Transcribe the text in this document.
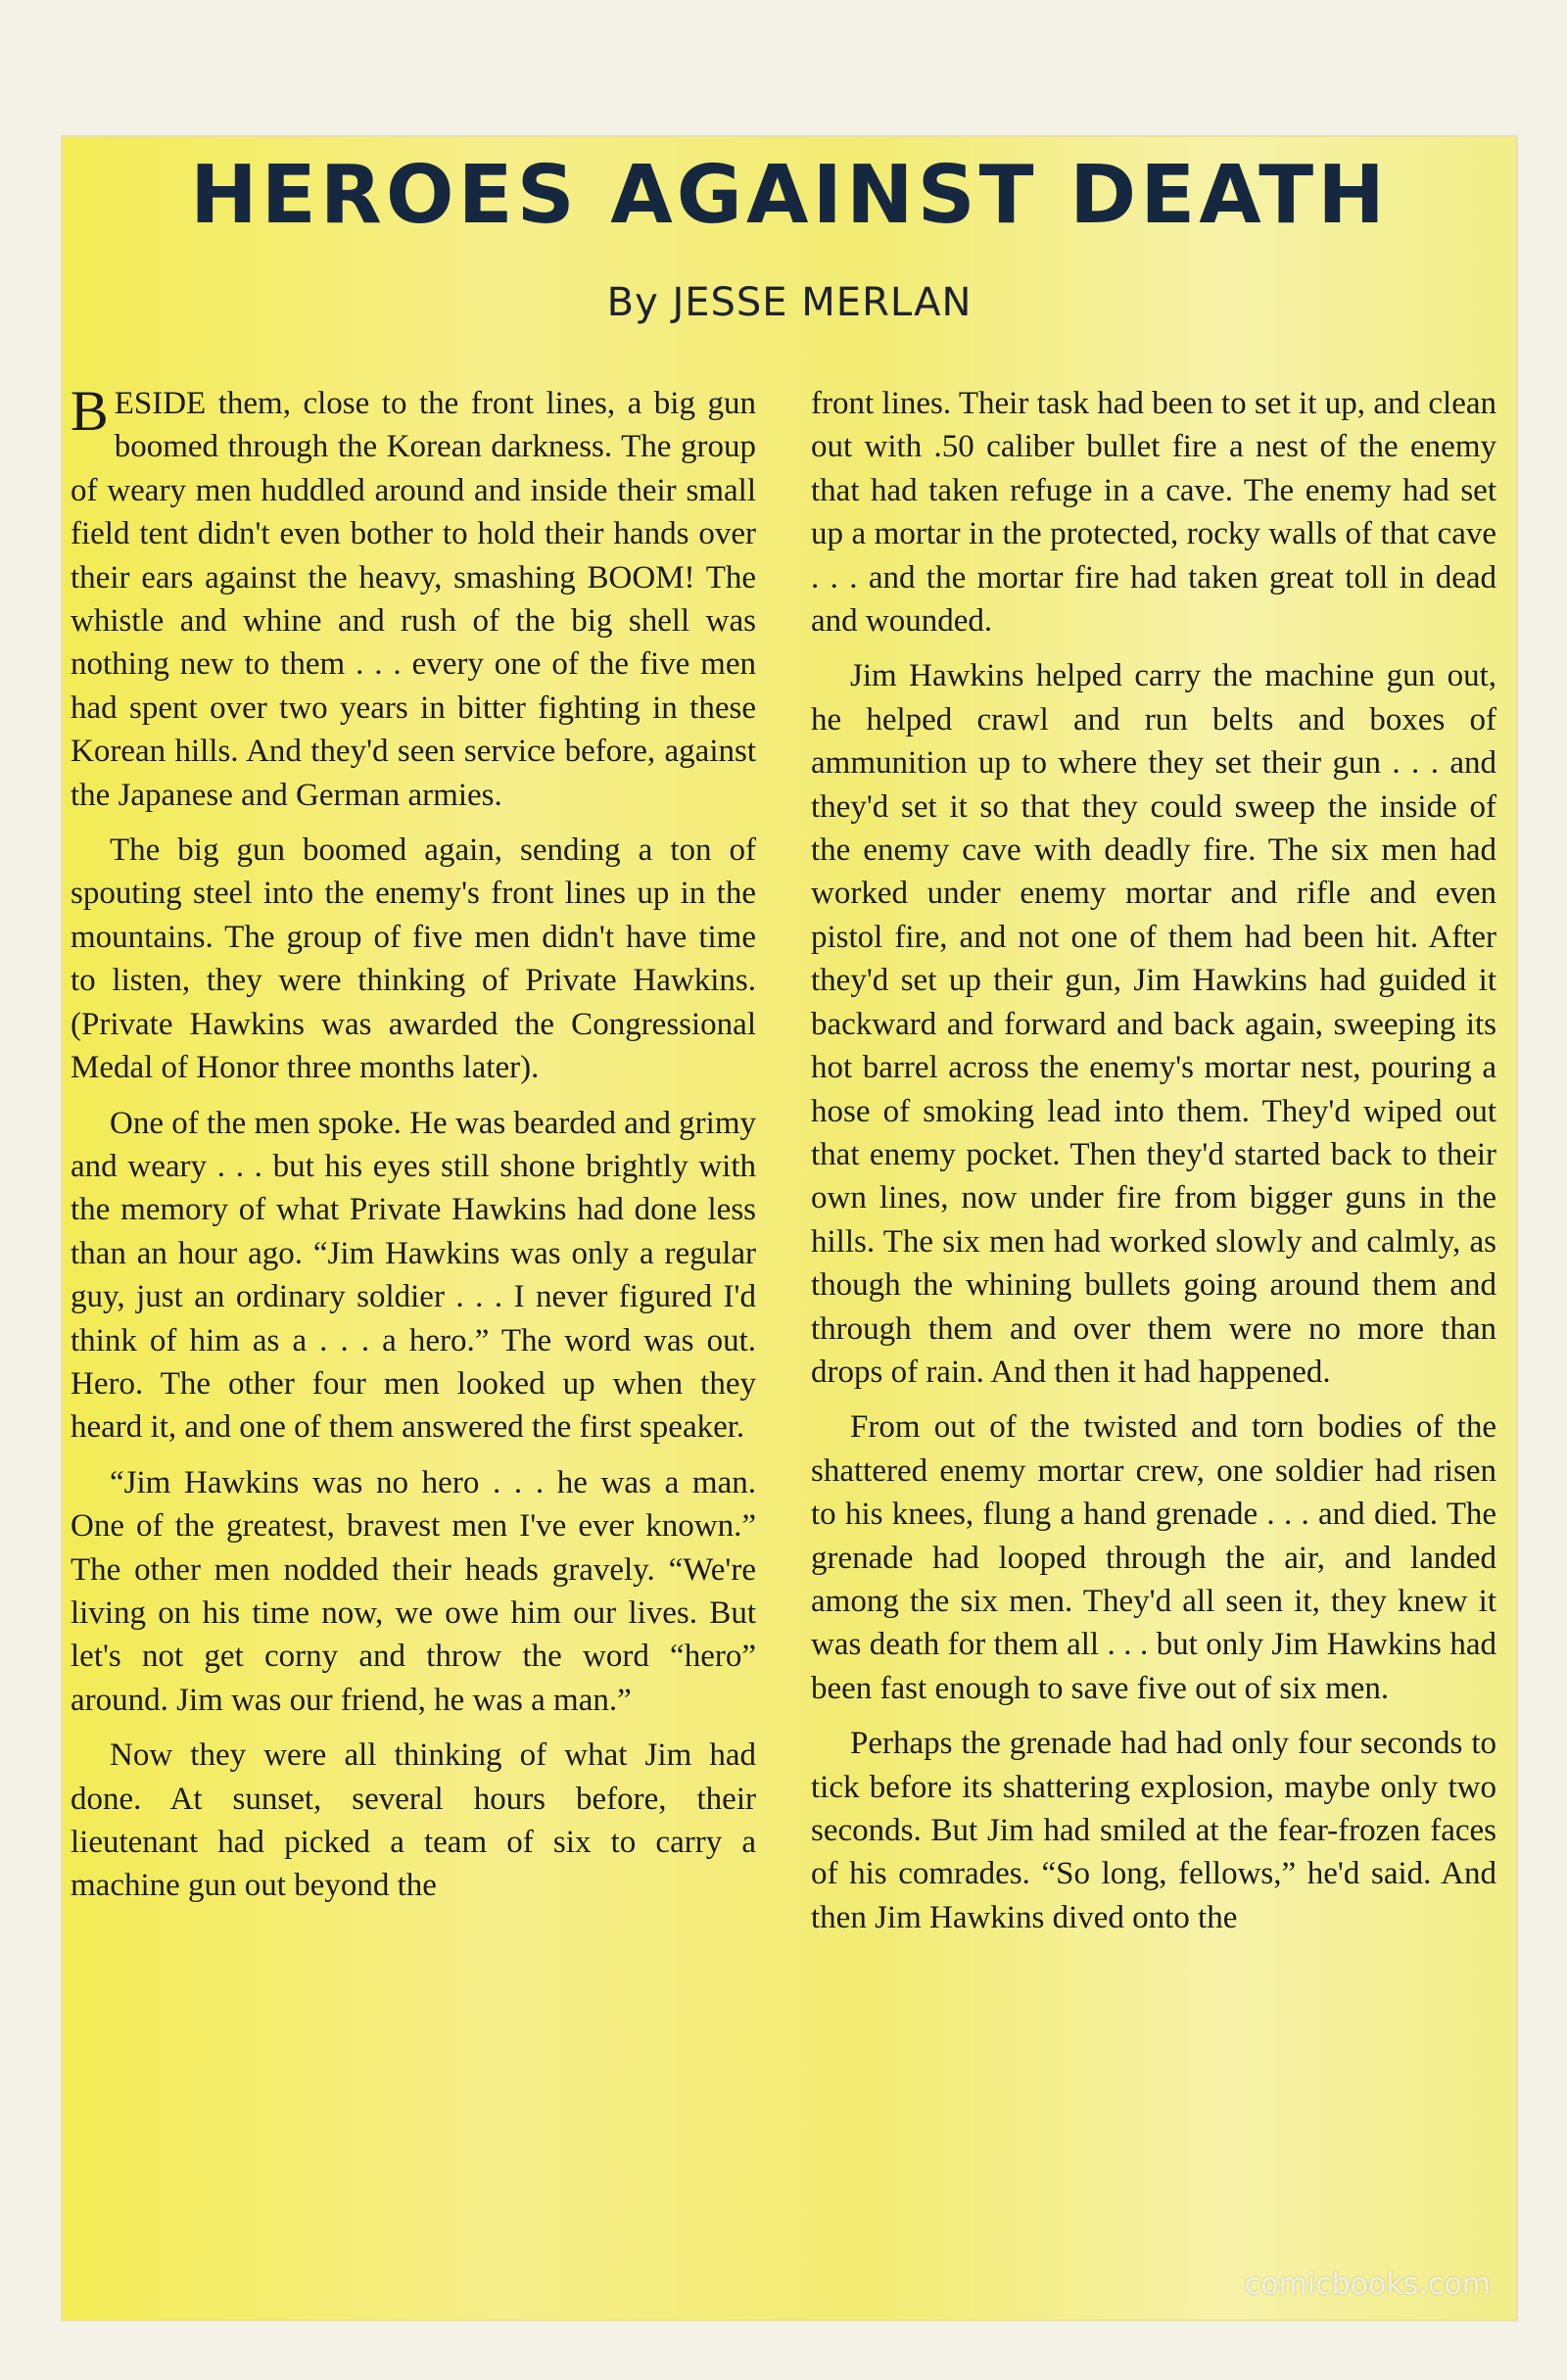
HEROES AGAINST DEATH
By JESSE MERLAN

BESIDE them, close to the front lines, a big gun boomed through the Korean darkness. The group of weary men huddled around and inside their small field tent didn't even bother to hold their hands over their ears against the heavy, smashing BOOM! The whistle and whine and rush of the big shell was nothing new to them . . . every one of the five men had spent over two years in bitter fighting in these Korean hills. And they'd seen service before, against the Japanese and German armies.

The big gun boomed again, sending a ton of spouting steel into the enemy's front lines up in the mountains. The group of five men didn't have time to listen, they were thinking of Private Hawkins. (Private Hawkins was awarded the Congressional Medal of Honor three months later).

One of the men spoke. He was bearded and grimy and weary . . . but his eyes still shone brightly with the memory of what Private Hawkins had done less than an hour ago. “Jim Hawkins was only a regular guy, just an ordinary soldier . . . I never figured I'd think of him as a . . . a hero.” The word was out. Hero. The other four men looked up when they heard it, and one of them answered the first speaker.

“Jim Hawkins was no hero . . . he was a man. One of the greatest, bravest men I've ever known.” The other men nodded their heads gravely. “We're living on his time now, we owe him our lives. But let's not get corny and throw the word “hero” around. Jim was our friend, he was a man.”

Now they were all thinking of what Jim had done. At sunset, several hours before, their lieutenant had picked a team of six to carry a machine gun out beyond the

front lines. Their task had been to set it up, and clean out with .50 caliber bullet fire a nest of the enemy that had taken refuge in a cave. The enemy had set up a mortar in the protected, rocky walls of that cave . . . and the mortar fire had taken great toll in dead and wounded.

Jim Hawkins helped carry the machine gun out, he helped crawl and run belts and boxes of ammunition up to where they set their gun . . . and they'd set it so that they could sweep the inside of the enemy cave with deadly fire. The six men had worked under enemy mortar and rifle and even pistol fire, and not one of them had been hit. After they'd set up their gun, Jim Hawkins had guided it backward and forward and back again, sweeping its hot barrel across the enemy's mortar nest, pouring a hose of smoking lead into them. They'd wiped out that enemy pocket. Then they'd started back to their own lines, now under fire from bigger guns in the hills. The six men had worked slowly and calmly, as though the whining bullets going around them and through them and over them were no more than drops of rain. And then it had happened.

From out of the twisted and torn bodies of the shattered enemy mortar crew, one soldier had risen to his knees, flung a hand grenade . . . and died. The grenade had looped through the air, and landed among the six men. They'd all seen it, they knew it was death for them all . . . but only Jim Hawkins had been fast enough to save five out of six men.

Perhaps the grenade had had only four seconds to tick before its shattering explosion, maybe only two seconds. But Jim had smiled at the fear-frozen faces of his comrades. “So long, fellows,” he'd said. And then Jim Hawkins dived onto the

comicbooks.com
